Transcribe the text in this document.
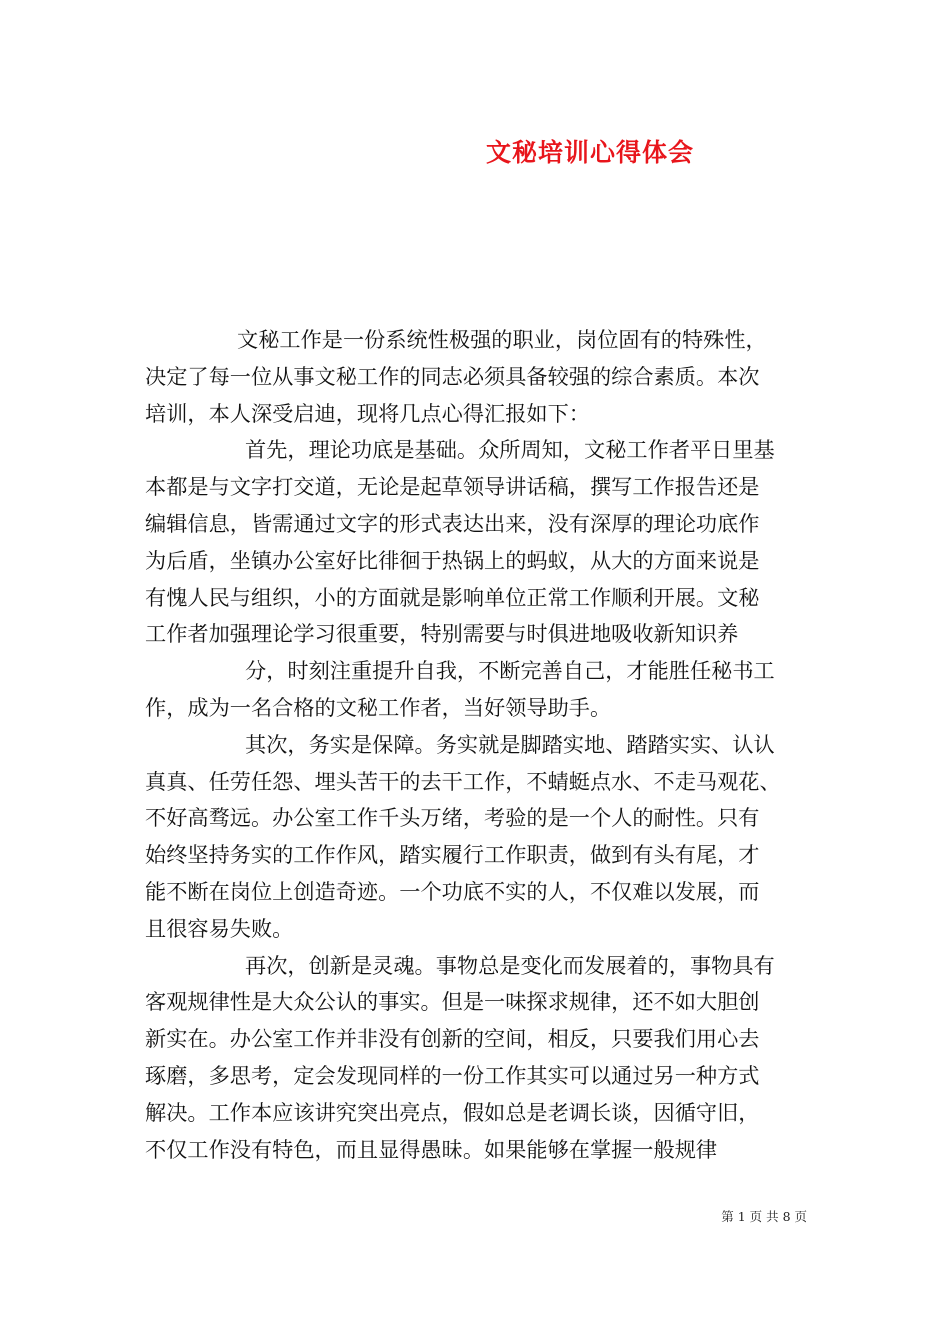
文秘培训心得体会
文秘工作是一份系统性极强的职业，岗位固有的特殊性，
决定了每一位从事文秘工作的同志必须具备较强的综合素质。本次
培训，本人深受启迪，现将几点心得汇报如下：
首先，理论功底是基础。众所周知，文秘工作者平日里基
本都是与文字打交道，无论是起草领导讲话稿，撰写工作报告还是
编辑信息，皆需通过文字的形式表达出来，没有深厚的理论功底作
为后盾，坐镇办公室好比徘徊于热锅上的蚂蚁，从大的方面来说是
有愧人民与组织，小的方面就是影响单位正常工作顺利开展。文秘
工作者加强理论学习很重要，特别需要与时俱进地吸收新知识养
分，时刻注重提升自我，不断完善自己，才能胜任秘书工
作，成为一名合格的文秘工作者，当好领导助手。
其次，务实是保障。务实就是脚踏实地、踏踏实实、认认
真真、任劳任怨、埋头苦干的去干工作，不蜻蜓点水、不走马观花、
不好高骛远。办公室工作千头万绪，考验的是一个人的耐性。只有
始终坚持务实的工作作风，踏实履行工作职责，做到有头有尾，才
能不断在岗位上创造奇迹。一个功底不实的人，不仅难以发展，而
且很容易失败。
再次，创新是灵魂。事物总是变化而发展着的，事物具有
客观规律性是大众公认的事实。但是一味探求规律，还不如大胆创
新实在。办公室工作并非没有创新的空间，相反，只要我们用心去
琢磨，多思考，定会发现同样的一份工作其实可以通过另一种方式
解决。工作本应该讲究突出亮点，假如总是老调长谈，因循守旧，
不仅工作没有特色，而且显得愚昧。如果能够在掌握一般规律
第 1 页 共 8 页
